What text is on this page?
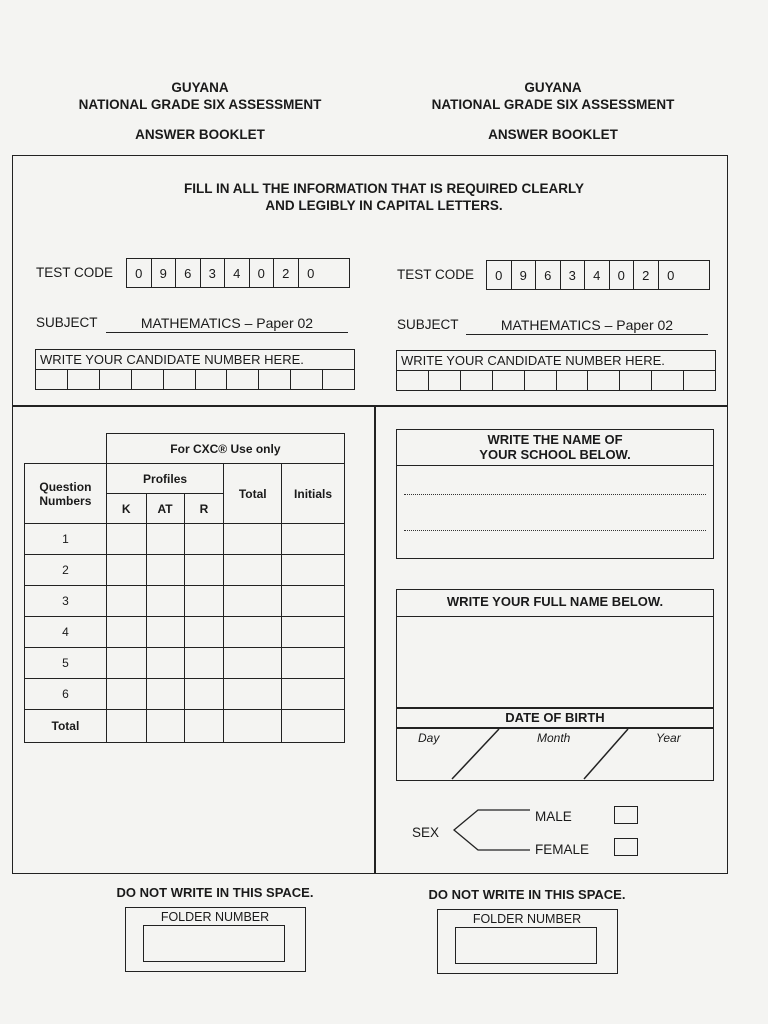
GUYANA
NATIONAL GRADE SIX ASSESSMENT
ANSWER BOOKLET
GUYANA
NATIONAL GRADE SIX ASSESSMENT
ANSWER BOOKLET
FILL IN ALL THE INFORMATION THAT IS REQUIRED CLEARLY
AND LEGIBLY IN CAPITAL LETTERS.
TEST CODE	0	9	6	3	4	0	2	0	TEST CODE	0	9	6	3	4	0	2	0
SUBJECT	MATHEMATICS – Paper 02	SUBJECT	MATHEMATICS – Paper 02
WRITE YOUR CANDIDATE NUMBER HERE.	WRITE YOUR CANDIDATE NUMBER HERE.
	For CXC® Use only				
Question Numbers	Profiles			Total	Initials
	K	AT	R		
1					
2					
3					
4					
5					
6					
Total					
WRITE THE NAME OF
YOUR SCHOOL BELOW.
WRITE YOUR FULL NAME BELOW.
DATE OF BIRTH
Day	Month	Year
SEX
MALE
FEMALE
DO NOT WRITE IN THIS SPACE.	DO NOT WRITE IN THIS SPACE.
FOLDER NUMBER	FOLDER NUMBER
